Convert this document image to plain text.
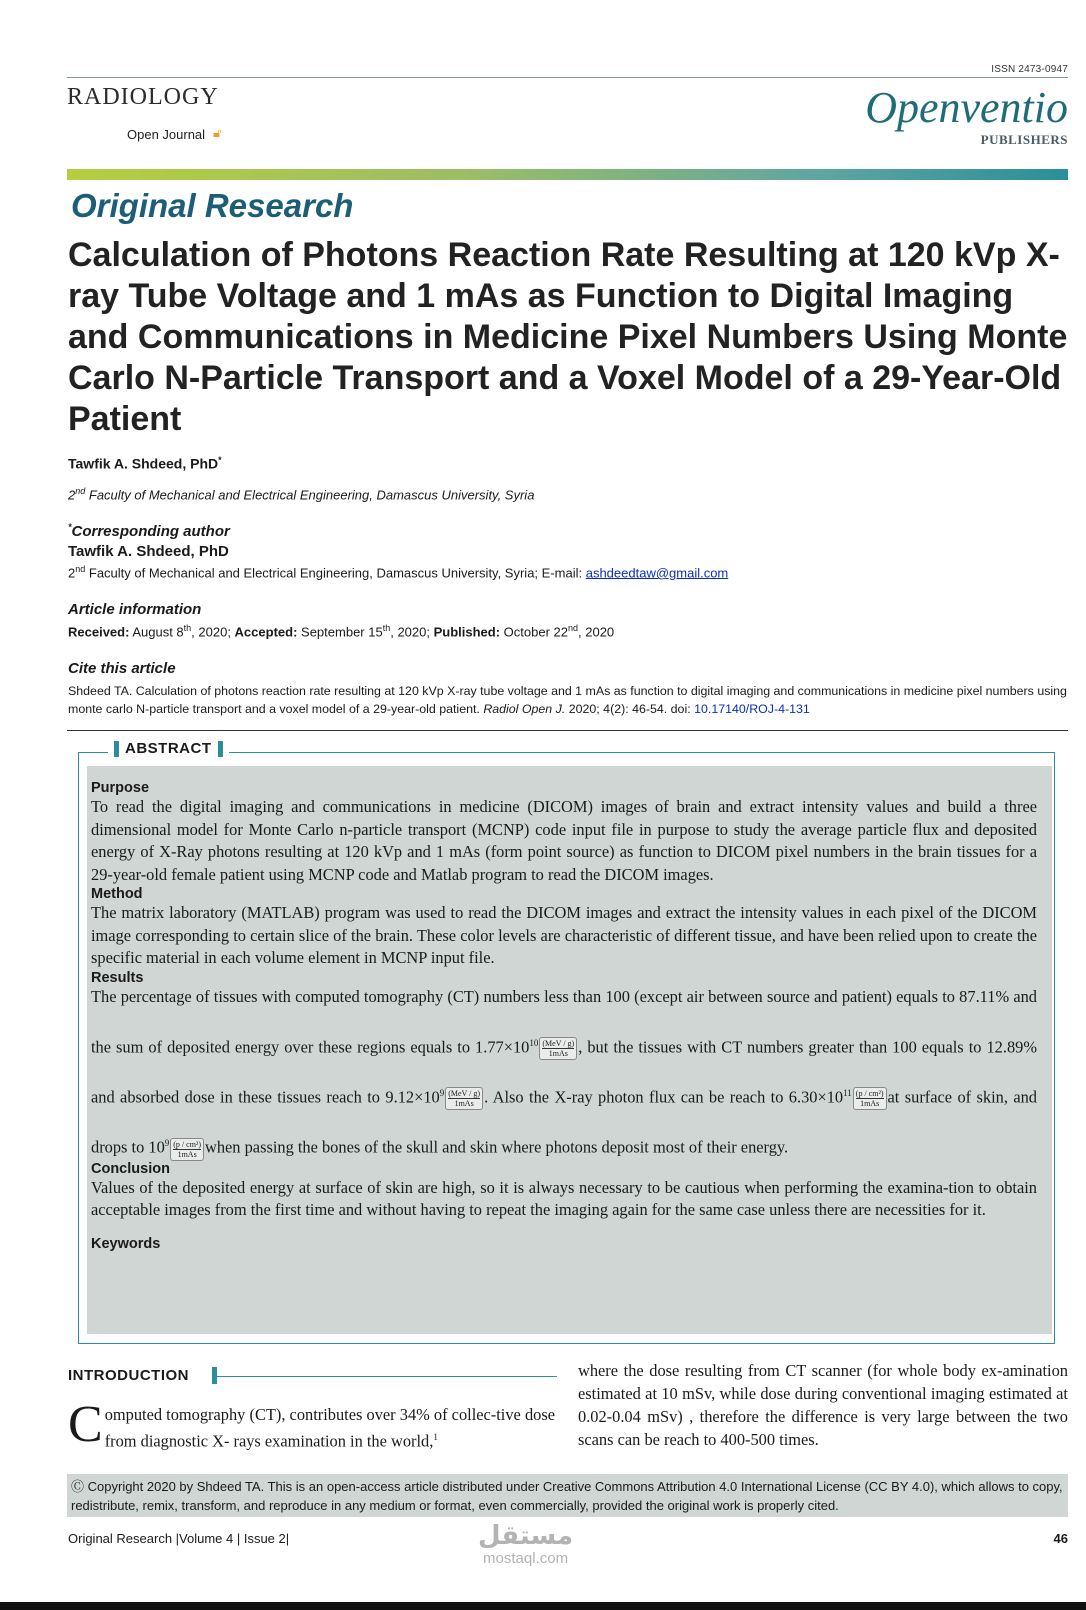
ISSN 2473-0947
RADIOLOGY
Open Journal 🔓︎
Openventio
PUBLISHERS
Original Research
Calculation of Photons Reaction Rate Resulting at 120 kVp X-ray Tube Voltage and 1 mAs as Function to Digital Imaging and Communications in Medicine Pixel Numbers Using Monte Carlo N-Particle Transport and a Voxel Model of a 29-Year-Old Patient
Tawfik A. Shdeed, PhD*
2nd Faculty of Mechanical and Electrical Engineering, Damascus University, Syria
*Corresponding author
Tawfik A. Shdeed, PhD
2nd Faculty of Mechanical and Electrical Engineering, Damascus University, Syria; E-mail: ashdeedtaw@gmail.com
Article information
Received: August 8th, 2020; Accepted: September 15th, 2020; Published: October 22nd, 2020
Cite this article
Shdeed TA. Calculation of photons reaction rate resulting at 120 kVp X-ray tube voltage and 1 mAs as function to digital imaging and communications in medicine pixel numbers using monte carlo N-particle transport and a voxel model of a 29-year-old patient. Radiol Open J. 2020; 4(2): 46-54. doi: 10.17140/ROJ-4-131
Purpose
To read the digital imaging and communications in medicine (DICOM) images of brain and extract intensity values and build a three dimensional model for Monte Carlo n-particle transport (MCNP) code input file in purpose to study the average particle flux and deposited energy of X-Ray photons resulting at 120 kVp and 1 mAs (form point source) as function to DICOM pixel numbers in the brain tissues for a 29-year-old female patient using MCNP code and Matlab program to read the DICOM images.
Method
The matrix laboratory (MATLAB) program was used to read the DICOM images and extract the intensity values in each pixel of the DICOM image corresponding to certain slice of the brain. These color levels are characteristic of different tissue, and have been relied upon to create the specific material in each volume element in MCNP input file.
Results
The percentage of tissues with computed tomography (CT) numbers less than 100 (except air between source and patient) equals to 87.11% and the sum of deposited energy over these regions equals to $1.77\times 10^{10}$ (MeV / g)
1mAs , but the tissues with CT numbers greater than 100 equals to 12.89% and absorbed dose in these tissues reach to $9.12\times 10^9$ (MeV / g)
1mAs . Also the X-ray photon flux can be reach to $6.30\times 10^{11}$ (p / cm²)
1mAs at surface of skin, and drops to $10^9$ (p / cm²)
1mAs when passing the bones of the skull and skin where photons deposit most of their energy.
Conclusion
Values of the deposited energy at surface of skin are high, so it is always necessary to be cautious when performing the examina-tion to obtain acceptable images from the first time and without having to repeat the imaging again for the same case unless there are necessities for it.
Keywords
ABSTRACT
INTRODUCTION
Computed tomography (CT), contributes over 34% of collec-tive dose from diagnostic X- rays examination in the world,$^1$
where the dose resulting from CT scanner (for whole body ex-amination estimated at 10 mSv, while dose during conventional imaging estimated at 0.02-0.04 mSv) , therefore the difference is very large between the two scans can be reach to 400-500 times.
Ⓒ Copyright 2020 by Shdeed TA. This is an open-access article distributed under Creative Commons Attribution 4.0 International License (CC BY 4.0), which allows to copy, redistribute, remix, transform, and reproduce in any medium or format, even commercially, provided the original work is properly cited.
Original Research |Volume 4 | Issue 2|	46
مستقل
mostaql.com
